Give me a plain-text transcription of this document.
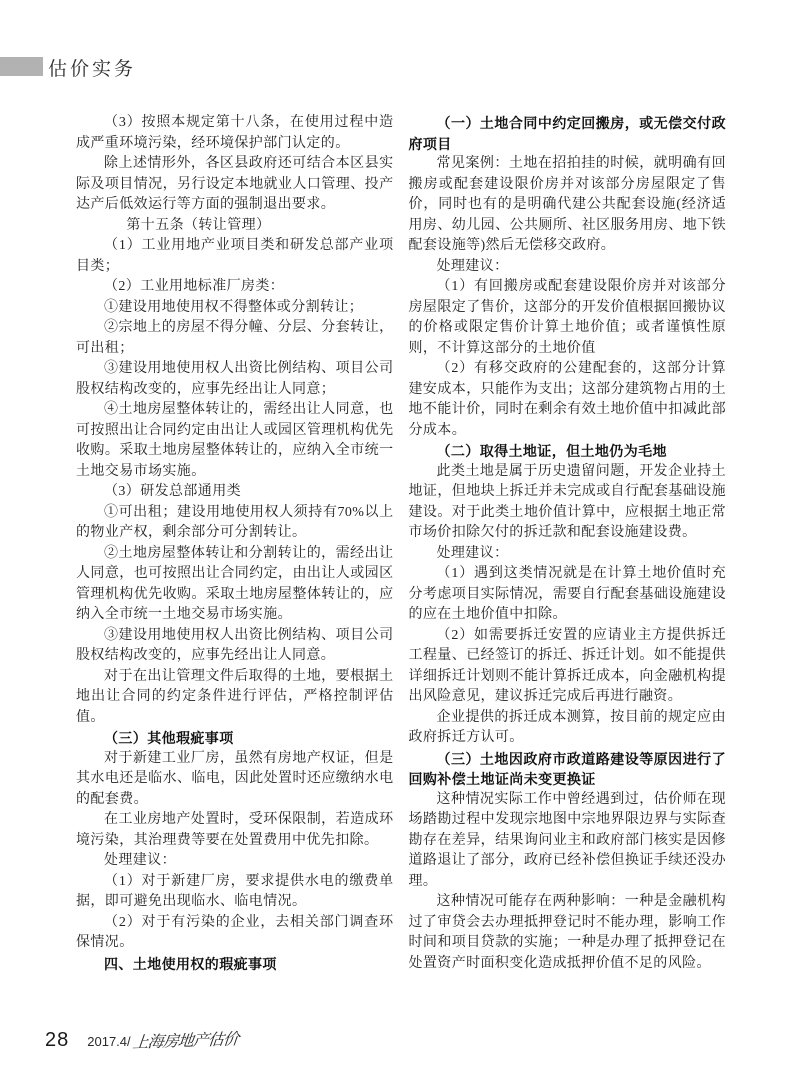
估价实务

（3）按照本规定第十八条，在使用过程中造成严重环境污染，经环境保护部门认定的。

除上述情形外，各区县政府还可结合本区县实际及项目情况，另行设定本地就业人口管理、投产达产后低效运行等方面的强制退出要求。

第十五条（转让管理）

（1）工业用地产业项目类和研发总部产业项目类；

（2）工业用地标准厂房类：

①建设用地使用权不得整体或分割转让；

②宗地上的房屋不得分幢、分层、分套转让，可出租；

③建设用地使用权人出资比例结构、项目公司股权结构改变的，应事先经出让人同意；

④土地房屋整体转让的，需经出让人同意，也可按照出让合同约定由出让人或园区管理机构优先收购。采取土地房屋整体转让的，应纳入全市统一土地交易市场实施。

（3）研发总部通用类

①可出租；建设用地使用权人须持有70%以上的物业产权，剩余部分可分割转让。

②土地房屋整体转让和分割转让的，需经出让人同意，也可按照出让合同约定，由出让人或园区管理机构优先收购。采取土地房屋整体转让的，应纳入全市统一土地交易市场实施。

③建设用地使用权人出资比例结构、项目公司股权结构改变的，应事先经出让人同意。

对于在出让管理文件后取得的土地，要根据土地出让合同的约定条件进行评估，严格控制评估值。

（三）其他瑕疵事项

对于新建工业厂房，虽然有房地产权证，但是其水电还是临水、临电，因此处置时还应缴纳水电的配套费。

在工业房地产处置时，受环保限制，若造成环境污染，其治理费等要在处置费用中优先扣除。

处理建议：

（1）对于新建厂房，要求提供水电的缴费单据，即可避免出现临水、临电情况。

（2）对于有污染的企业，去相关部门调查环保情况。

四、土地使用权的瑕疵事项

（一）土地合同中约定回搬房，或无偿交付政府项目

常见案例：土地在招拍挂的时候，就明确有回搬房或配套建设限价房并对该部分房屋限定了售价，同时也有的是明确代建公共配套设施(经济适用房、幼儿园、公共厕所、社区服务用房、地下铁配套设施等)然后无偿移交政府。

处理建议：

（1）有回搬房或配套建设限价房并对该部分房屋限定了售价，这部分的开发价值根据回搬协议的价格或限定售价计算土地价值；或者谨慎性原则，不计算这部分的土地价值

（2）有移交政府的公建配套的，这部分计算建安成本，只能作为支出；这部分建筑物占用的土地不能计价，同时在剩余有效土地价值中扣减此部分成本。

（二）取得土地证，但土地仍为毛地

此类土地是属于历史遗留问题，开发企业持土地证，但地块上拆迁并未完成或自行配套基础设施建设。对于此类土地价值计算中，应根据土地正常市场价扣除欠付的拆迁款和配套设施建设费。

处理建议：

（1）遇到这类情况就是在计算土地价值时充分考虑项目实际情况，需要自行配套基础设施建设的应在土地价值中扣除。

（2）如需要拆迁安置的应请业主方提供拆迁工程量、已经签订的拆迁、拆迁计划。如不能提供详细拆迁计划则不能计算拆迁成本，向金融机构提出风险意见，建议拆迁完成后再进行融资。

企业提供的拆迁成本测算，按目前的规定应由政府拆迁方认可。

（三）土地因政府市政道路建设等原因进行了回购补偿土地证尚未变更换证

这种情况实际工作中曾经遇到过，估价师在现场踏勘过程中发现宗地图中宗地界限边界与实际查勘存在差异，结果询问业主和政府部门核实是因修道路退让了部分，政府已经补偿但换证手续还没办理。

这种情况可能存在两种影响：一种是金融机构过了审贷会去办理抵押登记时不能办理，影响工作时间和项目贷款的实施；一种是办理了抵押登记在处置资产时面积变化造成抵押价值不足的风险。

28 2017.4/ 上海房地产估价
